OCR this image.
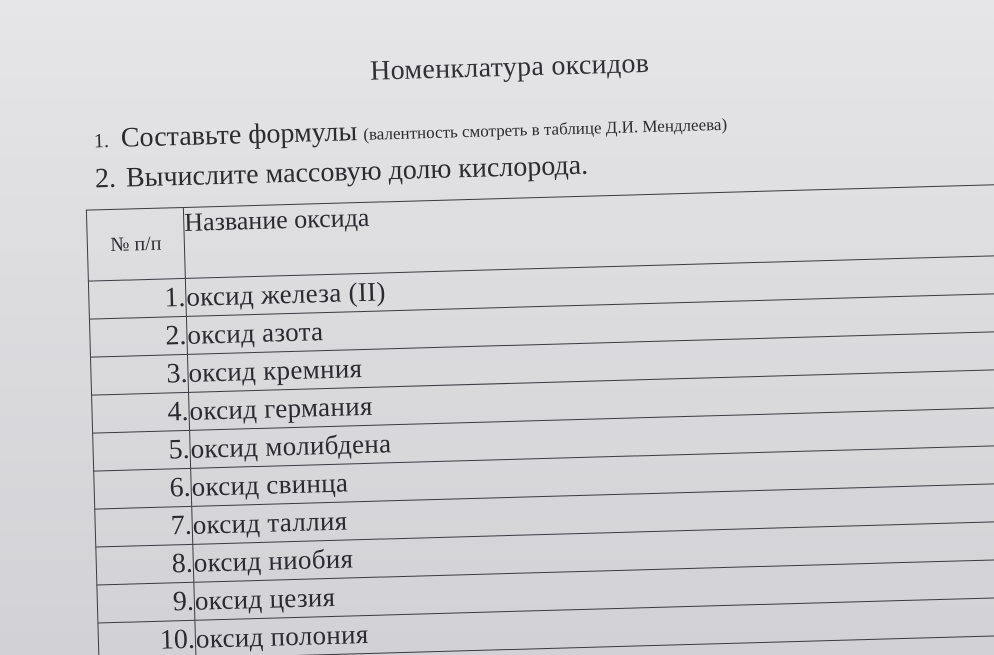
Номенклатура оксидов
1. Составьте формулы (валентность смотреть в таблице Д.И. Мендлеева)
2. Вычислите массовую долю кислорода.
№ п/п	Название оксида
1.	оксид железа (II)
2.	оксид азота
3.	оксид кремния
4.	оксид германия
5.	оксид молибдена
6.	оксид свинца
7.	оксид таллия
8.	оксид ниобия
9.	оксид цезия
10.	оксид полония
